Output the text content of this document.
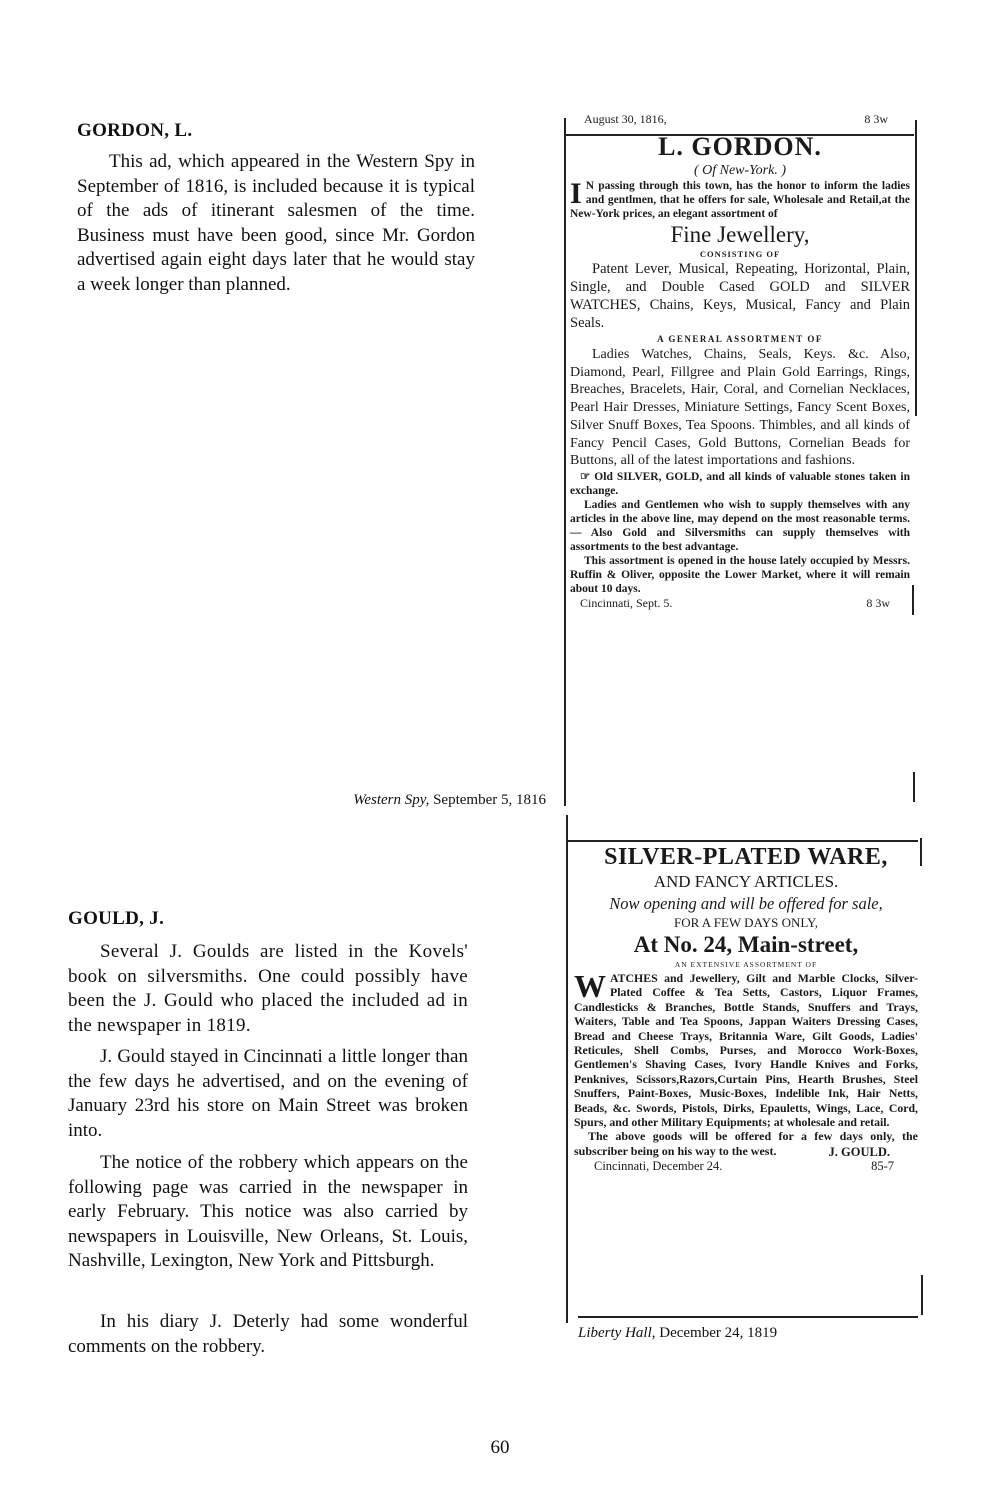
GORDON, L.

This ad, which appeared in the Western Spy in September of 1816, is included because it is typical of the ads of itinerant salesmen of the time. Business must have been good, since Mr. Gordon advertised again eight days later that he would stay a week longer than planned.

Western Spy, September 5, 1816
August 30, 1816,	8 3w

L. GORDON.

( Of New-York. )

I N passing through this town, has the honor to inform the ladies and gentlmen, that he offers for sale, Wholesale and Retail,at the New-York prices, an elegant assortment of

Fine Jewellery,

CONSISTING OF

Patent Lever, Musical, Repeating, Horizontal, Plain, Single, and Double Cased GOLD and SILVER WATCHES, Chains, Keys, Musical, Fancy and Plain Seals.

A GENERAL ASSORTMENT OF

Ladies Watches, Chains, Seals, Keys. &c. Also, Diamond, Pearl, Fillgree and Plain Gold Earrings, Rings, Breaches, Bracelets, Hair, Coral, and Cornelian Necklaces, Pearl Hair Dresses, Miniature Settings, Fancy Scent Boxes, Silver Snuff Boxes, Tea Spoons. Thimbles, and all kinds of Fancy Pencil Cases, Gold Buttons, Cornelian Beads for Buttons, all of the latest importations and fashions.

☞ Old SILVER, GOLD, and all kinds of valuable stones taken in exchange.

Ladies and Gentlemen who wish to supply themselves with any articles in the above line, may depend on the most reasonable terms.— Also Gold and Silversmiths can supply themselves with assortments to the best advantage.

This assortment is opened in the house lately occupied by Messrs. Ruffin & Oliver, opposite the Lower Market, where it will remain about 10 days.

Cincinnati, Sept. 5.	8 3w
GOULD, J.

Several J. Goulds are listed in the Kovels' book on silversmiths. One could possibly have been the J. Gould who placed the included ad in the newspaper in 1819.

J. Gould stayed in Cincinnati a little longer than the few days he advertised, and on the evening of January 23rd his store on Main Street was broken into.

The notice of the robbery which appears on the following page was carried in the newspaper in early February. This notice was also carried by newspapers in Louisville, New Orleans, St. Louis, Nashville, Lexington, New York and Pittsburgh.

In his diary J. Deterly had some wonderful comments on the robbery.

SILVER-PLATED WARE,

AND FANCY ARTICLES.

Now opening and will be offered for sale,

FOR A FEW DAYS ONLY,

At No. 24, Main-street,

AN EXTENSIVE ASSORTMENT OF

W ATCHES and Jewellery, Gilt and Marble Clocks, Silver-Plated Coffee & Tea Setts, Castors, Liquor Frames, Candlesticks & Branches, Bottle Stands, Snuffers and Trays, Waiters, Table and Tea Spoons, Jappan Waiters Dressing Cases, Bread and Cheese Trays, Britannia Ware, Gilt Goods, Ladies' Reticules, Shell Combs, Purses, and Morocco Work-Boxes, Gentlemen's Shaving Cases, Ivory Handle Knives and Forks, Penknives, Scissors,Razors,Curtain Pins, Hearth Brushes, Steel Snuffers, Paint-Boxes, Music-Boxes, Indelible Ink, Hair Netts, Beads, &c. Swords, Pistols, Dirks, Epauletts, Wings, Lace, Cord, Spurs, and other Military Equipments; at wholesale and retail.

The above goods will be offered for a few days only, the subscriber being on his way to the west.	J. GOULD.

Cincinnati, December 24.	85-7
Liberty Hall, December 24, 1819
60
